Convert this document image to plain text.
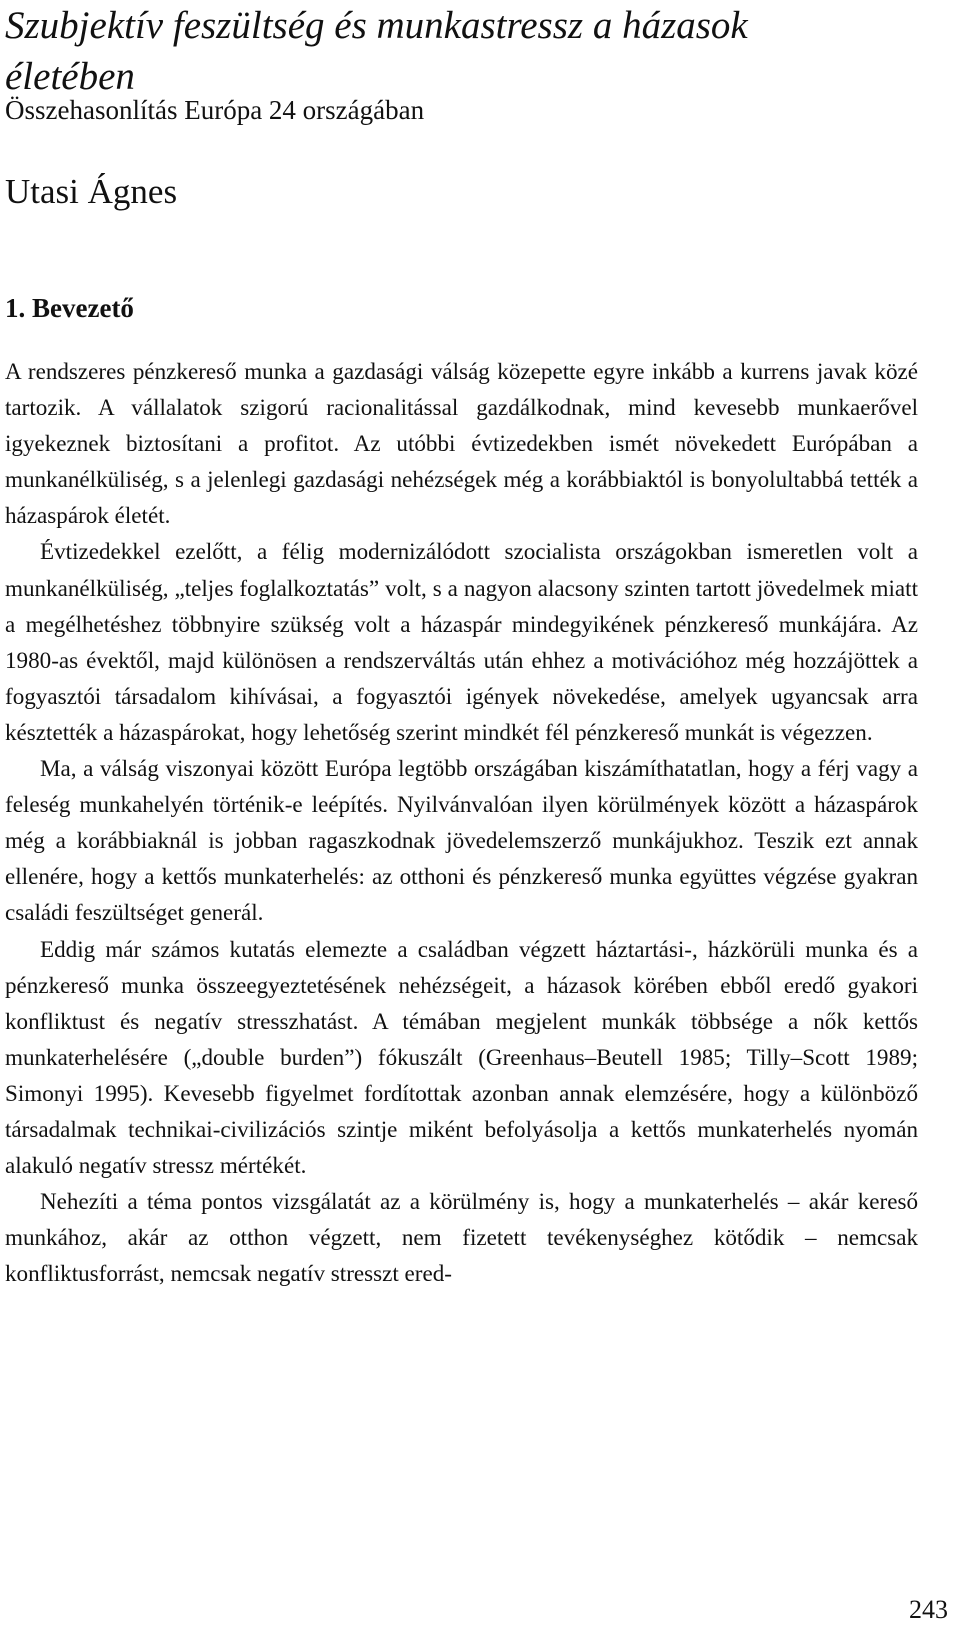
Szubjektív feszültség és munkastressz a házasok életében

Összehasonlítás Európa 24 országában

Utasi Ágnes

1. Bevezető

A rendszeres pénzkereső munka a gazdasági válság közepette egyre inkább a kurrens javak közé tartozik. A vállalatok szigorú racionalitással gazdálkodnak, mind kevesebb munkaerővel igyekeznek biztosítani a profitot. Az utóbbi évtizedekben ismét növekedett Európában a munkanélküliség, s a jelenlegi gazdasági nehézségek még a korábbiaktól is bonyolultabbá tették a házaspárok életét.

Évtizedekkel ezelőtt, a félig modernizálódott szocialista országokban ismeretlen volt a munkanélküliség, „teljes foglalkoztatás” volt, s a nagyon alacsony szinten tartott jövedelmek miatt a megélhetéshez többnyire szükség volt a házaspár mindegyikének pénzkereső munkájára. Az 1980-as évektől, majd különösen a rendszerváltás után ehhez a motivációhoz még hozzájöttek a fogyasztói társadalom kihívásai, a fogyasztói igények növekedése, amelyek ugyancsak arra késztették a házaspárokat, hogy lehetőség szerint mindkét fél pénzkereső munkát is végezzen.

Ma, a válság viszonyai között Európa legtöbb országában kiszámíthatatlan, hogy a férj vagy a feleség munkahelyén történik-e leépítés. Nyilvánvalóan ilyen körülmények között a házaspárok még a korábbiaknál is jobban ragaszkodnak jövedelemszerző munkájukhoz. Teszik ezt annak ellenére, hogy a kettős munkaterhelés: az otthoni és pénzkereső munka együttes végzése gyakran családi feszültséget generál.

Eddig már számos kutatás elemezte a családban végzett háztartási-, házkörüli munka és a pénzkereső munka összeegyeztetésének nehézségeit, a házasok körében ebből eredő gyakori konfliktust és negatív stresszhatást. A témában megjelent munkák többsége a nők kettős munkaterhelésére („double burden”) fókuszált (Greenhaus–Beutell 1985; Tilly–Scott 1989; Simonyi 1995). Kevesebb figyelmet fordítottak azonban annak elemzésére, hogy a különböző társadalmak technikai-civilizációs szintje miként befolyásolja a kettős munkaterhelés nyomán alakuló negatív stressz mértékét.

Nehezíti a téma pontos vizsgálatát az a körülmény is, hogy a munkaterhelés – akár kereső munkához, akár az otthon végzett, nem fizetett tevékenységhez kötődik – nemcsak konfliktusforrást, nemcsak negatív stresszt ered-

243
